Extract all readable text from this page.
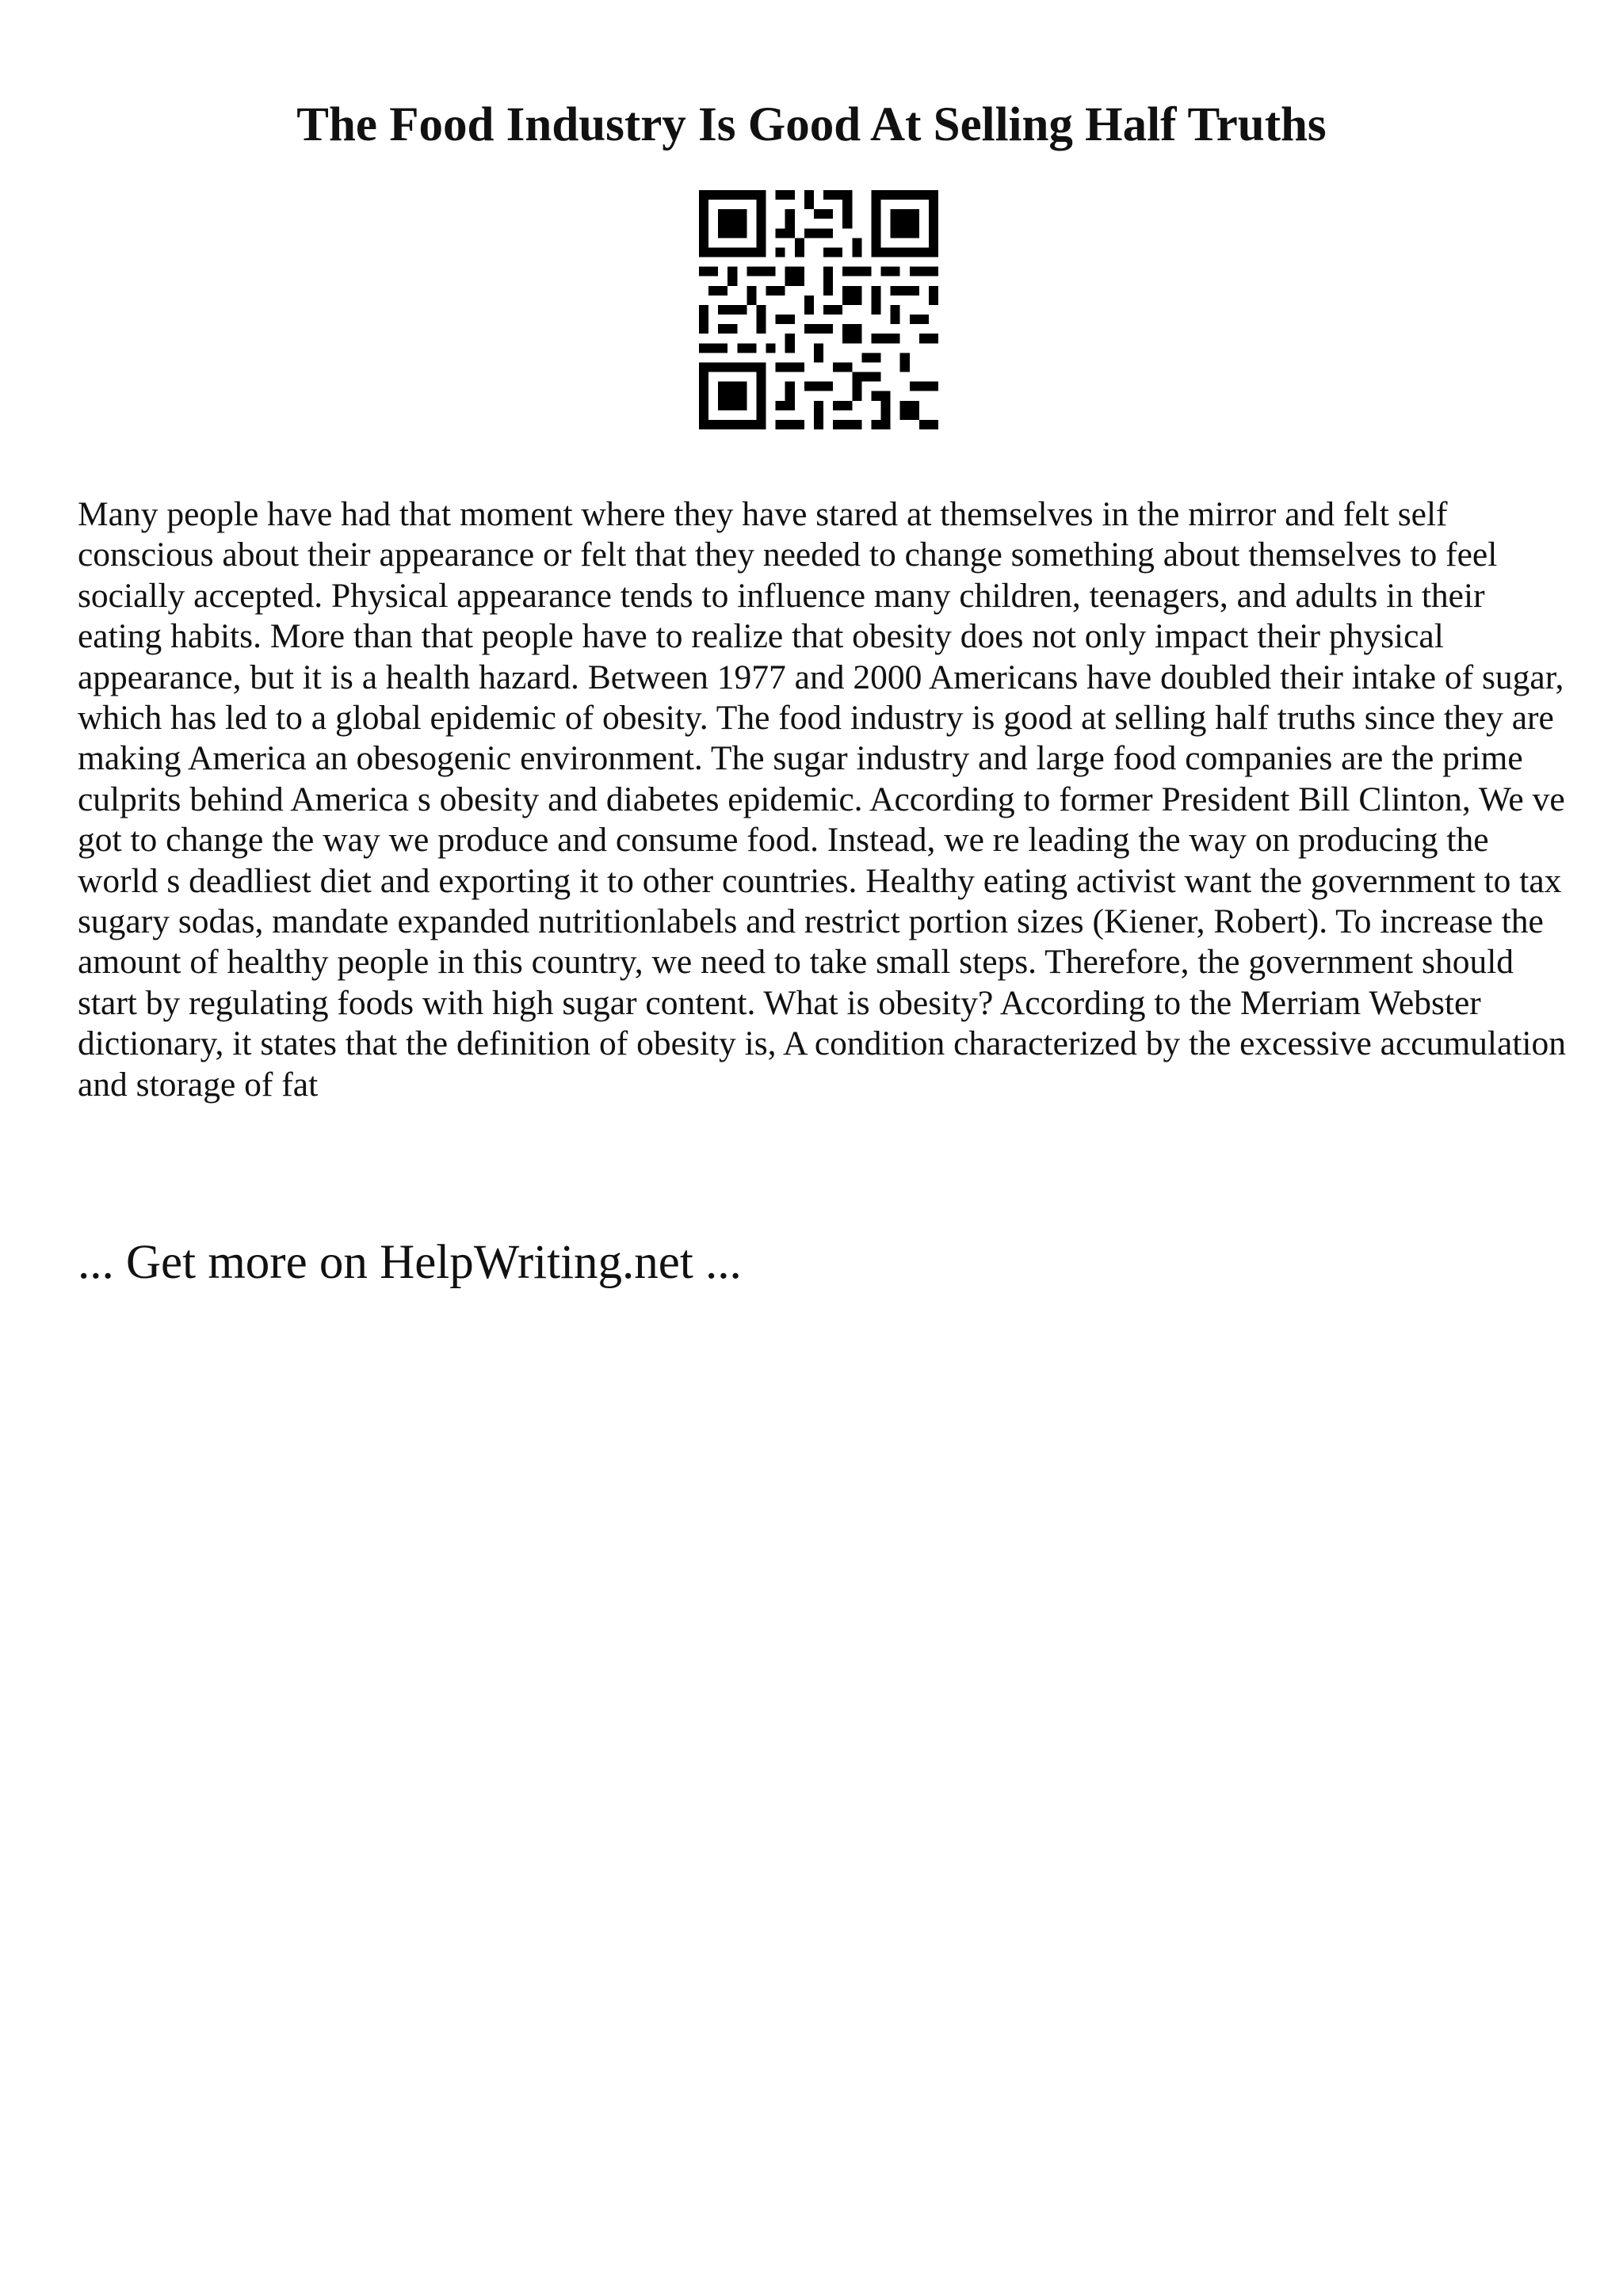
The Food Industry Is Good At Selling Half Truths

Many people have had that moment where they have stared at themselves in the mirror and felt self conscious about their appearance or felt that they needed to change something about themselves to feel socially accepted. Physical appearance tends to influence many children, teenagers, and adults in their eating habits. More than that people have to realize that obesity does not only impact their physical appearance, but it is a health hazard. Between 1977 and 2000 Americans have doubled their intake of sugar, which has led to a global epidemic of obesity. The food industry is good at selling half truths since they are making America an obesogenic environment. The sugar industry and large food companies are the prime culprits behind America s obesity and diabetes epidemic. According to former President Bill Clinton, We ve got to change the way we produce and consume food. Instead, we re leading the way on producing the world s deadliest diet and exporting it to other countries. Healthy eating activist want the government to tax sugary sodas, mandate expanded nutritionlabels and restrict portion sizes (Kiener, Robert). To increase the amount of healthy people in this country, we need to take small steps. Therefore, the government should start by regulating foods with high sugar content. What is obesity? According to the Merriam Webster dictionary, it states that the definition of obesity is, A condition characterized by the excessive accumulation and storage of fat

... Get more on HelpWriting.net ...
